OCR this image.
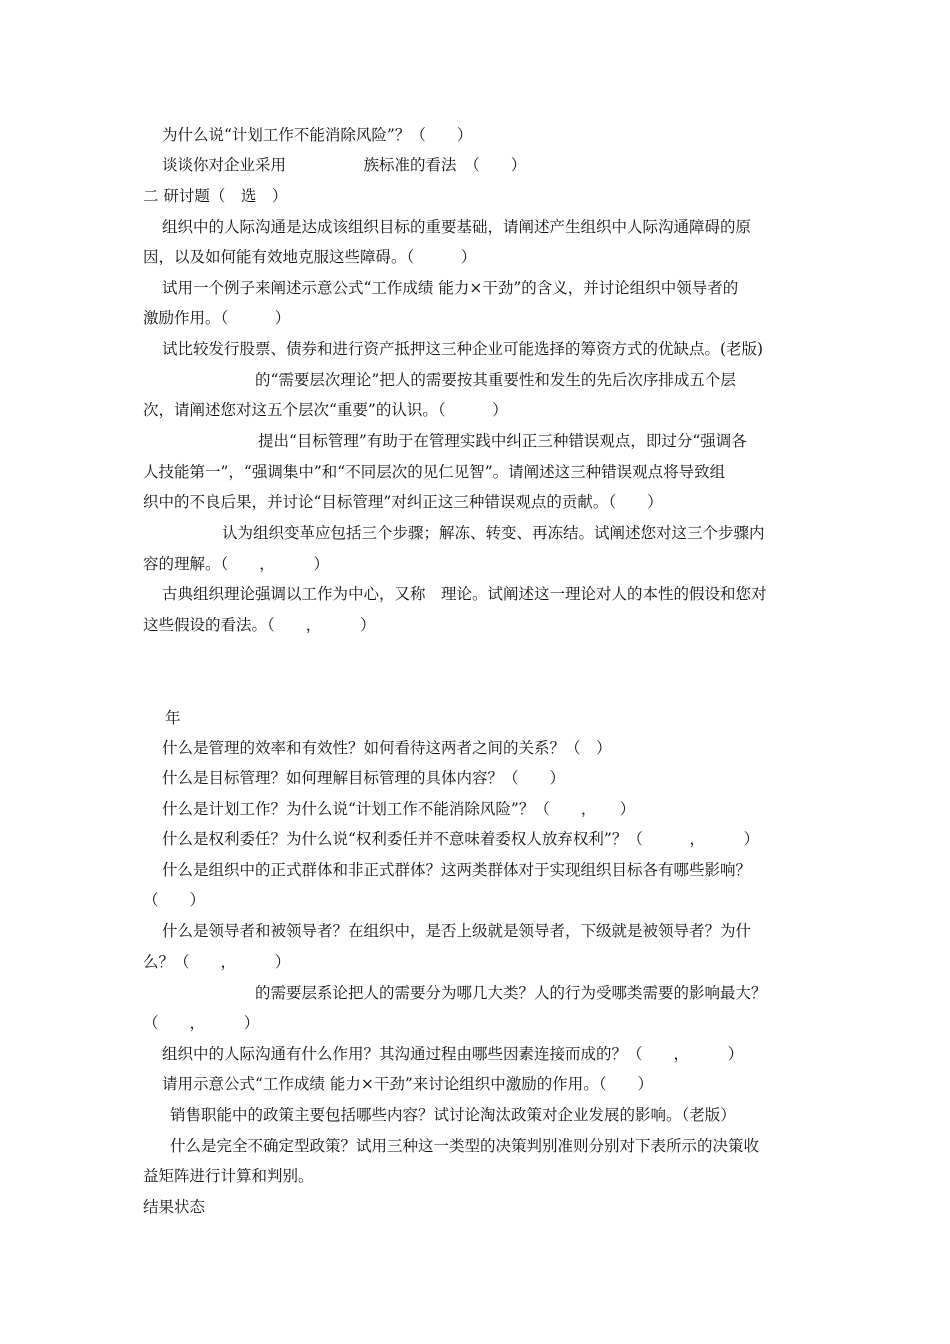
为什么说“计划工作不能消除风险”？（　　）
谈谈你对企业采用　　　　　族标准的看法　（　　）
二 研讨题（　选　）
组织中的人际沟通是达成该组织目标的重要基础，请阐述产生组织中人际沟通障碍的原
因，以及如何能有效地克服这些障碍。（　　　）
试用一个例子来阐述示意公式“工作成绩 能力×干劲”的含义，并讨论组织中领导者的
激励作用。（　　　）
试比较发行股票、债券和进行资产抵押这三种企业可能选择的筹资方式的优缺点。(老版)
的“需要层次理论”把人的需要按其重要性和发生的先后次序排成五个层
次，请阐述您对这五个层次“重要”的认识。（　　　）
提出“目标管理”有助于在管理实践中纠正三种错误观点，即过分“强调各
人技能第一”，“强调集中”和“不同层次的见仁见智”。请阐述这三种错误观点将导致组
织中的不良后果，并讨论“目标管理”对纠正这三种错误观点的贡献。（　　）
认为组织变革应包括三个步骤；解冻、转变、再冻结。试阐述您对这三个步骤内
容的理解。（　　，　　　）
古典组织理论强调以工作为中心，又称　理论。试阐述这一理论对人的本性的假设和您对
这些假设的看法。（　　，　　　）
年
什么是管理的效率和有效性？如何看待这两者之间的关系？（　）
什么是目标管理？如何理解目标管理的具体内容？（　　）
什么是计划工作？为什么说“计划工作不能消除风险”？（　　，　　）
什么是权利委任？为什么说“权利委任并不意味着委权人放弃权利”？（　　　，　　　）
什么是组织中的正式群体和非正式群体？这两类群体对于实现组织目标各有哪些影响？
（　　）
什么是领导者和被领导者？在组织中，是否上级就是领导者，下级就是被领导者？为什
么？（　　，　　　）
的需要层系论把人的需要分为哪几大类？人的行为受哪类需要的影响最大？
（　　，　　　）
组织中的人际沟通有什么作用？其沟通过程由哪些因素连接而成的？（　　，　　　）
请用示意公式“工作成绩 能力×干劲”来讨论组织中激励的作用。（　　）
销售职能中的政策主要包括哪些内容？试讨论淘汰政策对企业发展的影响。（老版）
什么是完全不确定型政策？试用三种这一类型的决策判别准则分别对下表所示的决策收
益矩阵进行计算和判别。
结果状态
